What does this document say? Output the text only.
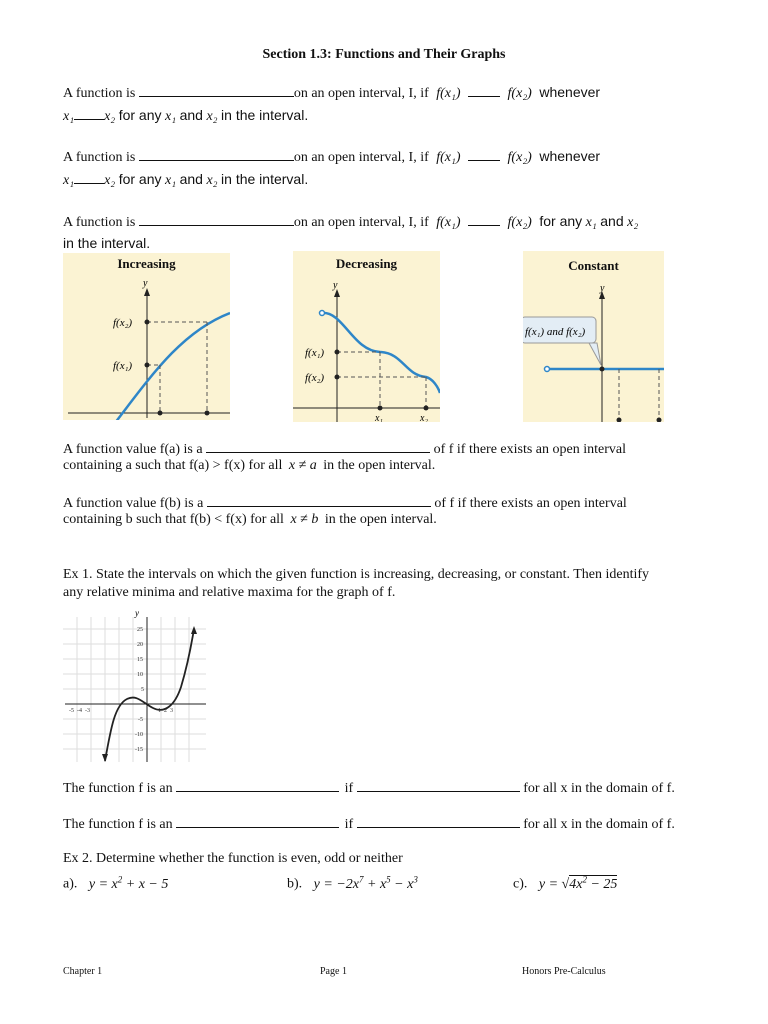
Section 1.3: Functions and Their Graphs
A function is	on an open interval, I, if f(x₁)	f(x₂) whenever
x₁ x₂ for any x₁ and x₂ in the interval.
A function is	on an open interval, I, if f(x₁)	f(x₂) whenever
x₁ x₂ for any x₁ and x₂ in the interval.
A function is	on an open interval, I, if f(x₁)	f(x₂) for any x₁ and x₂
in the interval.
Increasing
y
f(x₂)
f(x₁)
Decreasing
y
f(x₁)
f(x₂)
x₁	x₂
Constant
y
f(x₁) and f(x₂)
A function value f(a) is a	of f if there exists an open interval
containing a such that f(a) > f(x) for all x ≠ a in the open interval.
A function value f(b) is a	of f if there exists an open interval
containing b such that f(b) < f(x) for all x ≠ b in the open interval.
Ex 1. State the intervals on which the given function is increasing, decreasing, or constant. Then identify
any relative minima and relative maxima for the graph of f.
y
25
20
15
10
5
-5
-10
-15
-5  -4  -3	1  2  3
The function f is an	if	for all x in the domain of f.
The function f is an	if	for all x in the domain of f.
Ex 2. Determine whether the function is even, odd or neither
a). $y = x^2 + x - 5$	b). $y = -2x^7 + x^5 - x^3$	c). $y = √4x^2 - 25$
Chapter 1	Page 1	Honors Pre-Calculus
